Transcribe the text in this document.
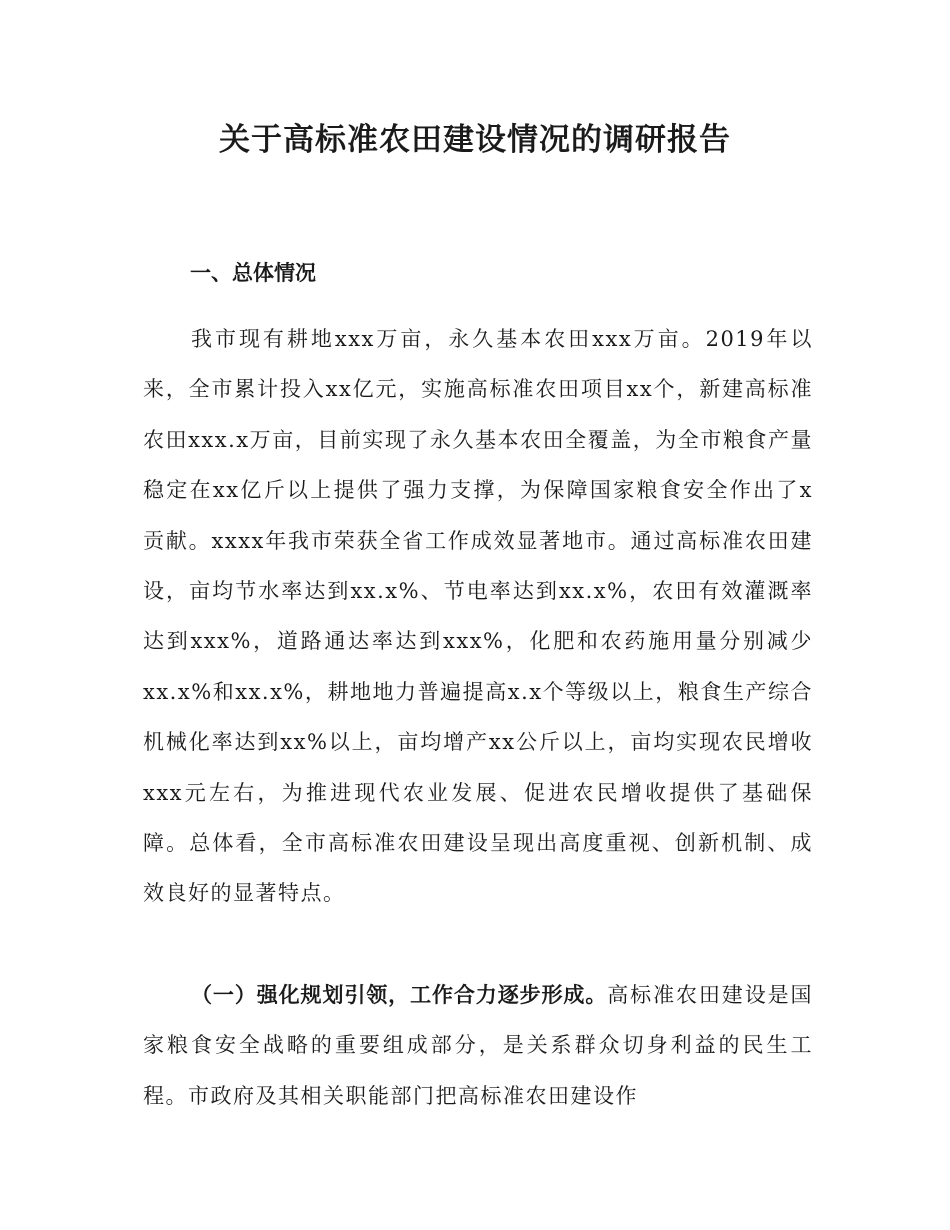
关于高标准农田建设情况的调研报告
一、总体情况

我市现有耕地xxx万亩，永久基本农田xxx万亩。2019年以来，全市累计投入xx亿元，实施高标准农田项目xx个，新建高标准农田xxx.x万亩，目前实现了永久基本农田全覆盖，为全市粮食产量稳定在xx亿斤以上提供了强力支撑，为保障国家粮食安全作出了x贡献。xxxx年我市荣获全省工作成效显著地市。通过高标准农田建设，亩均节水率达到xx.x%、节电率达到xx.x%，农田有效灌溉率达到xxx%，道路通达率达到xxx%，化肥和农药施用量分别减少xx.x%和xx.x%，耕地地力普遍提高x.x个等级以上，粮食生产综合机械化率达到xx%以上，亩均增产xx公斤以上，亩均实现农民增收xxx元左右，为推进现代农业发展、促进农民增收提供了基础保障。总体看，全市高标准农田建设呈现出高度重视、创新机制、成效良好的显著特点。

（一）强化规划引领，工作合力逐步形成。高标准农田建设是国家粮食安全战略的重要组成部分，是关系群众切身利益的民生工程。市政府及其相关职能部门把高标准农田建设作
